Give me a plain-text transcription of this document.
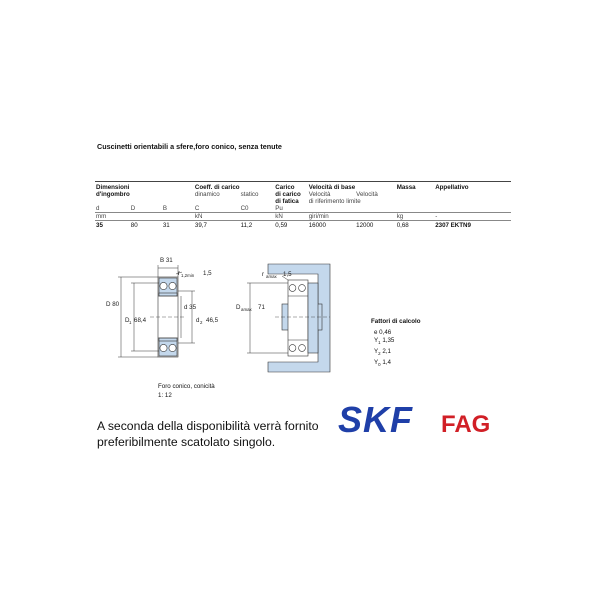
Cuscinetti orientabili a sfere,foro conico, senza tenute
Dimensioni			Coeff. di carico		Carico	Velocità di base		Massa	Appellativo
d'ingombro			dinamico	statico	di carico	Velocità	Velocità		
					di fatica	di riferimento limite			
d	D	B	C	C0	Pu				
mm			kN		kN	giri/min		kg	-
35	80	31	39,7	11,2	0,59	16000	12000	0,68	2307 EKTN9
B 31
r 1,2min 1,5
D 80
D 1 68,4
d 35
d 2 46,5
r amax 1,5
D amax 71
Fattori di calcolo
e 0,46
$Y_1$ 1,35
$Y_2$ 2,1
$Y_0$ 1,4
Foro conico, conicità
1: 12
A seconda della disponibilità verrà fornito
preferibilmente scatolato singolo.
SKF FAG
